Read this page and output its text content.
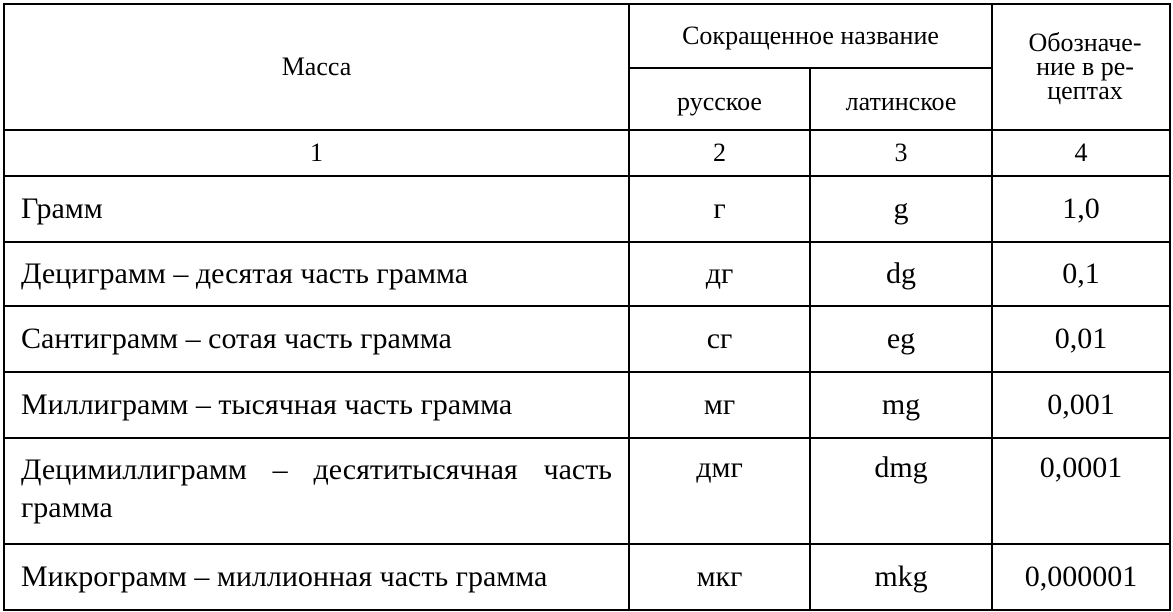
Масса	Сокращенное название		Обозначе-
ние в ре-
цептах

	русское	латинское	
1	2	3	4
Грамм	г	g	1,0
Дециграмм – десятая часть грамма	дг	dg	0,1
Сантиграмм – сотая часть грамма	сг	eg	0,01
Миллиграмм – тысячная часть грамма	мг	mg	0,001
Децимиллиграмм – десятитысячная часть грамма	дмг	dmg	0,0001
Микрограмм – миллионная часть грамма	мкг	mkg	0,000001
